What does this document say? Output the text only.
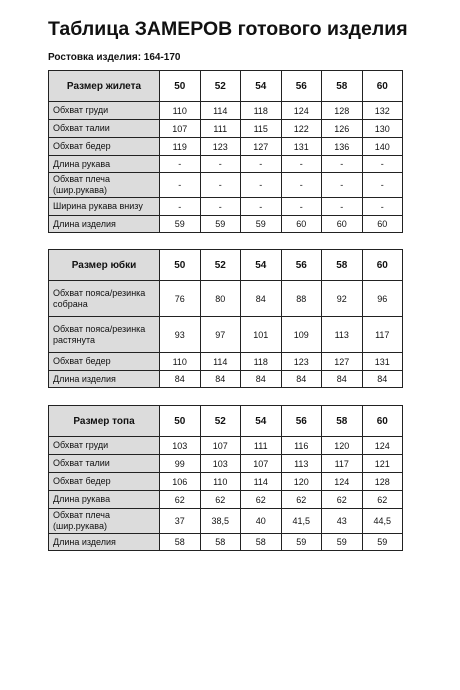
Таблица ЗАМЕРОВ готового изделия
Ростовка изделия: 164-170
Размер жилета	50	52	54	56	58	60
Обхват груди	110	114	118	124	128	132
Обхват талии	107	111	115	122	126	130
Обхват бедер	119	123	127	131	136	140
Длина рукава	-	-	-	-	-	-
Обхват плеча (шир.рукава)	-	-	-	-	-	-
Ширина рукава внизу	-	-	-	-	-	-
Длина изделия	59	59	59	60	60	60
Размер юбки	50	52	54	56	58	60
Обхват пояса/резинка собрана	76	80	84	88	92	96
Обхват пояса/резинка растянута	93	97	101	109	113	117
Обхват бедер	110	114	118	123	127	131
Длина изделия	84	84	84	84	84	84
Размер топа	50	52	54	56	58	60
Обхват груди	103	107	111	116	120	124
Обхват талии	99	103	107	113	117	121
Обхват бедер	106	110	114	120	124	128
Длина рукава	62	62	62	62	62	62
Обхват плеча (шир.рукава)	37	38,5	40	41,5	43	44,5
Длина изделия	58	58	58	59	59	59
